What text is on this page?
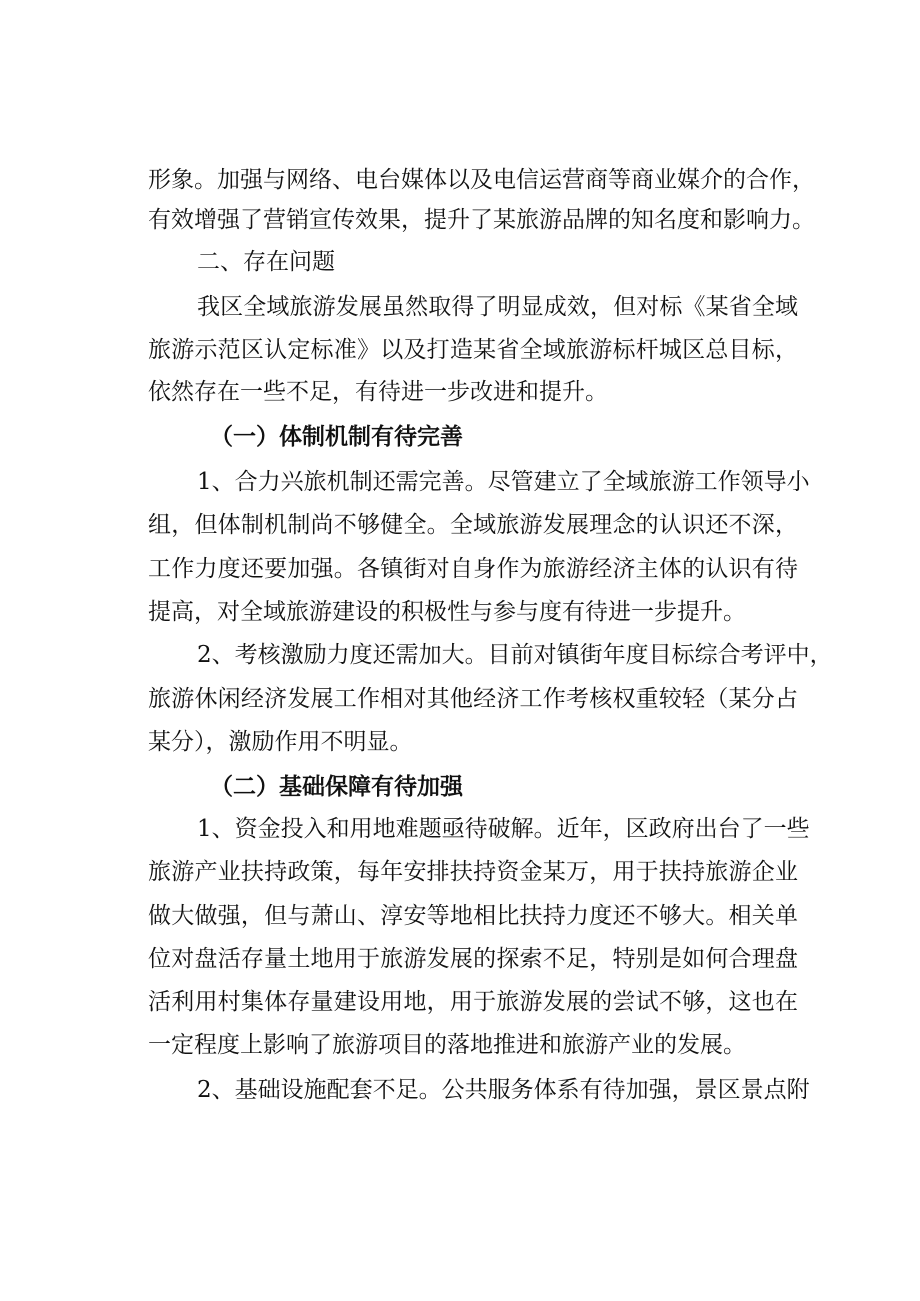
形象。加强与网络、电台媒体以及电信运营商等商业媒介的合作，
有效增强了营销宣传效果，提升了某旅游品牌的知名度和影响力。
二、存在问题
我区全域旅游发展虽然取得了明显成效，但对标《某省全域
旅游示范区认定标准》以及打造某省全域旅游标杆城区总目标，
依然存在一些不足，有待进一步改进和提升。
（一）体制机制有待完善
1、合力兴旅机制还需完善。尽管建立了全域旅游工作领导小
组，但体制机制尚不够健全。全域旅游发展理念的认识还不深，
工作力度还要加强。各镇街对自身作为旅游经济主体的认识有待
提高，对全域旅游建设的积极性与参与度有待进一步提升。
2、考核激励力度还需加大。目前对镇街年度目标综合考评中，
旅游休闲经济发展工作相对其他经济工作考核权重较轻（某分占
某分），激励作用不明显。
（二）基础保障有待加强
1、资金投入和用地难题亟待破解。近年，区政府出台了一些
旅游产业扶持政策，每年安排扶持资金某万，用于扶持旅游企业
做大做强，但与萧山、淳安等地相比扶持力度还不够大。相关单
位对盘活存量土地用于旅游发展的探索不足，特别是如何合理盘
活利用村集体存量建设用地，用于旅游发展的尝试不够，这也在
一定程度上影响了旅游项目的落地推进和旅游产业的发展。
2、基础设施配套不足。公共服务体系有待加强，景区景点附
